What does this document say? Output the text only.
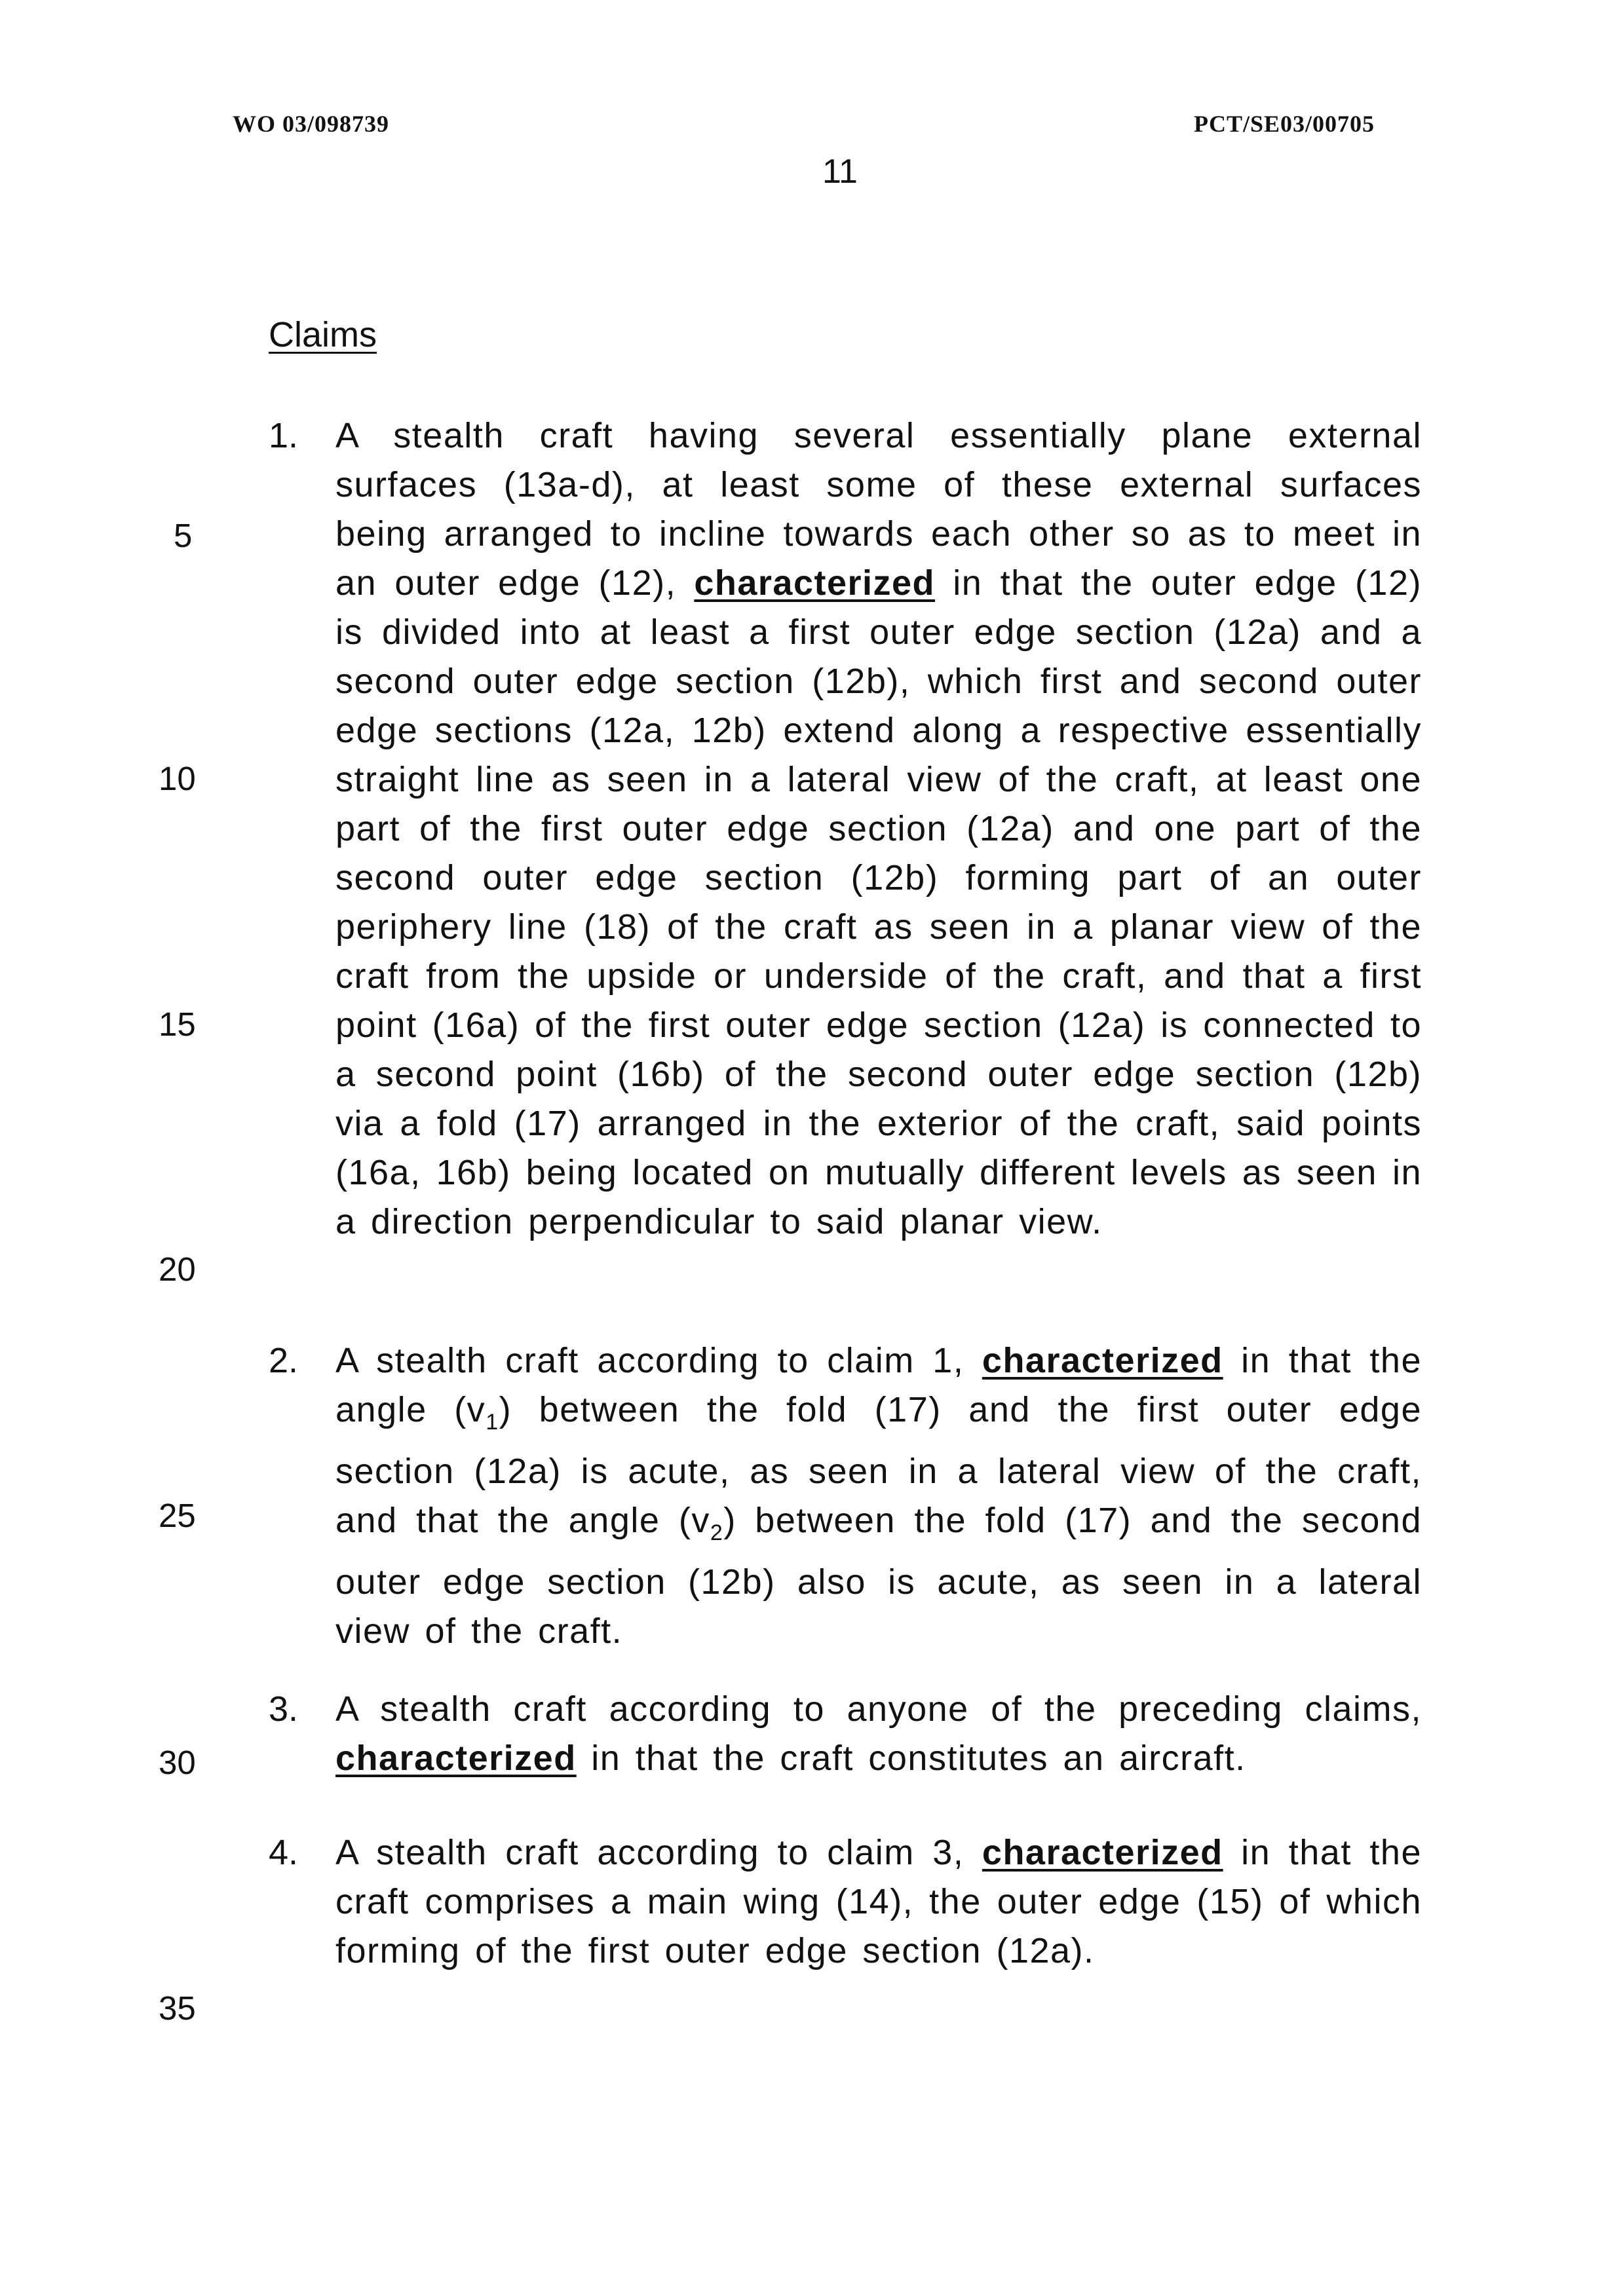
WO 03/098739	PCT/SE03/00705
11
Claims
5
10
15
20
25
30
35
1.	A stealth craft having several essentially plane external surfaces (13a-d), at least some of these external surfaces being arranged to incline towards each other so as to meet in an outer edge (12), characterized in that the outer edge (12) is divided into at least a first outer edge section (12a) and a second outer edge section (12b), which first and second outer edge sections (12a, 12b) extend along a respective essentially straight line as seen in a lateral view of the craft, at least one part of the first outer edge section (12a) and one part of the second outer edge section (12b) forming part of an outer periphery line (18) of the craft as seen in a planar view of the craft from the upside or underside of the craft, and that a first point (16a) of the first outer edge section (12a) is connected to a second point (16b) of the second outer edge section (12b) via a fold (17) arranged in the exterior of the craft, said points (16a, 16b) being located on mutually different levels as seen in a direction perpendicular to said planar view.
2.	A stealth craft according to claim 1, characterized in that the angle $(v_1)$ between the fold (17) and the first outer edge section (12a) is acute, as seen in a lateral view of the craft, and that the angle $(v_2)$ between the fold (17) and the second outer edge section (12b) also is acute, as seen in a lateral view of the craft.
3.	A stealth craft according to anyone of the preceding claims, characterized in that the craft constitutes an aircraft.
4.	A stealth craft according to claim 3, characterized in that the craft comprises a main wing (14), the outer edge (15) of which forming of the first outer edge section (12a).
